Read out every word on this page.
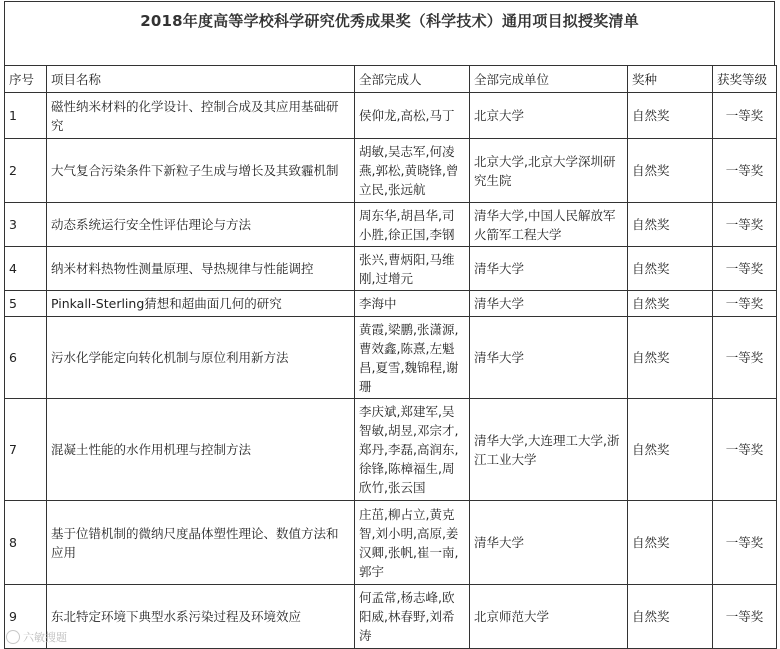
2018年度高等学校科学研究优秀成果奖（科学技术）通用项目拟授奖清单
序号	项目名称	全部完成人	全部完成单位	奖种	获奖等级
1	磁性纳米材料的化学设计、控制合成及其应用基础研究	侯仰龙,高松,马丁	北京大学	自然奖	一等奖
2	大气复合污染条件下新粒子生成与增长及其致霾机制	胡敏,吴志军,何凌燕,郭松,黄晓锋,曾立民,张远航	北京大学,北京大学深圳研究生院	自然奖	一等奖
3	动态系统运行安全性评估理论与方法	周东华,胡昌华,司小胜,徐正国,李钢	清华大学,中国人民解放军火箭军工程大学	自然奖	一等奖
4	纳米材料热物性测量原理、导热规律与性能调控	张兴,曹炳阳,马维刚,过增元	清华大学	自然奖	一等奖
5	Pinkall-Sterling猜想和超曲面几何的研究	李海中	清华大学	自然奖	一等奖
6	污水化学能定向转化机制与原位利用新方法	黄霞,梁鹏,张潇源,曹效鑫,陈熹,左魁昌,夏雪,魏锦程,谢珊	清华大学	自然奖	一等奖
7	混凝土性能的水作用机理与控制方法	李庆斌,郑建军,吴智敏,胡昱,邓宗才,郑丹,李磊,高润东,徐锋,陈樟福生,周欣竹,张云国	清华大学,大连理工大学,浙江工业大学	自然奖	一等奖
8	基于位错机制的微纳尺度晶体塑性理论、数值方法和应用	庄茁,柳占立,黄克智,刘小明,高原,姜汉卿,张帆,崔一南,郭宇	清华大学	自然奖	一等奖
9	东北特定环境下典型水系污染过程及环境效应	何孟常,杨志峰,欧阳威,林春野,刘希涛	北京师范大学	自然奖	一等奖
六敏搜题
